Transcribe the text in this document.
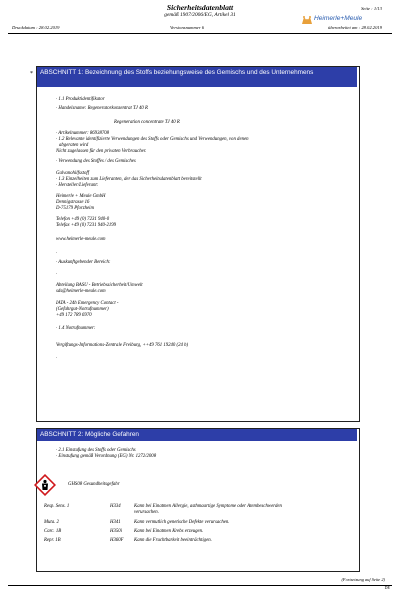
Sicherheitsdatenblatt
gemäß 1907/2006/EG, Artikel 31
Seite : 1/13
Heimerle+Meule
Druckdatum : 28.02.2019	Versionsnummer 6	überarbeitet am : 28.02.2019
*	ABSCHNITT 1: Bezeichnung des Stoffs beziehungsweise des Gemischs und des Unternehmens
· 1.1 Produktidentifikator
· Handelsname: Regeneratorkonzentrat TJ 40 R
Regeneration concentrate TJ 40 R
· Artikelnummer: 86938708
· 1.2 Relevante identifizierte Verwendungen des Stoffs oder Gemischs und Verwendungen, von denen
abgeraten wird
Nicht zugelassen für den privaten Verbraucher.
· Verwendung des Stoffes / des Gemisches
Galvanohilfsstoff
· 1.3 Einzelheiten zum Lieferanten, der das Sicherheitsdatenblatt bereitstellt
· Hersteller/Lieferant:
Heimerle + Meule GmbH
Dennigstrasse 16
D-75179 Pforzheim
Telefon +49 (0) 7231 940-0
Telefax +49 (0) 7231 940-2199
www.heimerle-meule.com
·
· Auskunftgebender Bereich:
·
Abteilung BASU - Betriebssicherheit/Umwelt
sds@heimerle-meule.com
IATA - 24h Emergency Contact -
(Gefahrgut-Notrufnummer)
+49 172 789 6970
· 1.4 Notrufnummer:
Vergiftungs-Informations-Zentrale Freiburg, ++49 761 19240 (24 h)
·
ABSCHNITT 2: Mögliche Gefahren
· 2.1 Einstufung des Stoffs oder Gemischs
· Einstufung gemäß Verordnung (EG) Nr. 1272/2008
GHS08 Gesundheitsgefahr
Resp. Sens. 1	H334	Kann bei Einatmen Allergie, asthmaartige Symptome oder Atembeschwerden
verursachen.
Muta. 2	H341	Kann vermutlich genetische Defekte verursachen.
Carc. 1B	H350i	Kann bei Einatmen Krebs erzeugen.
Repr. 1B	H360F Kann die Fruchtbarkeit beeinträchtigen.
(Fortsetzung auf Seite 2)
DE
